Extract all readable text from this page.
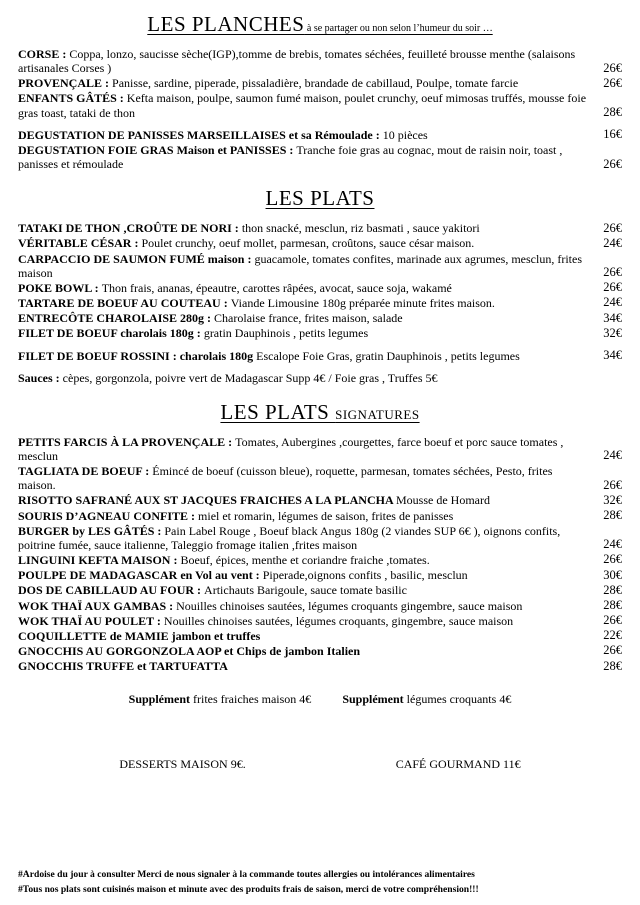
LES PLANCHES à se partager ou non selon l’humeur du soir …
CORSE : Coppa, lonzo, saucisse sèche(IGP),tomme de brebis, tomates séchées, feuilleté brousse menthe (salaisons artisanales Corses )	26€
PROVENÇALE : Panisse, sardine, piperade, pissaladière, brandade de cabillaud, Poulpe, tomate farcie	26€
ENFANTS GÂTÉS : Kefta maison, poulpe, saumon fumé maison, poulet crunchy, oeuf mimosas truffés, mousse foie gras toast, tataki de thon	28€
DEGUSTATION DE PANISSES MARSEILLAISES et sa Rémoulade : 10 pièces	16€
DEGUSTATION FOIE GRAS Maison et PANISSES : Tranche foie gras au cognac, mout de raisin noir, toast , panisses et rémoulade	26€
LES PLATS
TATAKI DE THON ,CROÛTE DE NORI : thon snacké, mesclun, riz basmati , sauce yakitori	26€
VÉRITABLE CÉSAR : Poulet crunchy, oeuf mollet, parmesan, croûtons, sauce césar maison.	24€
CARPACCIO DE SAUMON FUMÉ maison : guacamole, tomates confites, marinade aux agrumes, mesclun, frites maison	26€
POKE BOWL : Thon frais, ananas, épeautre, carottes râpées, avocat, sauce soja, wakamé	26€
TARTARE DE BOEUF AU COUTEAU : Viande Limousine 180g préparée minute frites maison.	24€
ENTRECÔTE CHAROLAISE 280g : Charolaise france, frites maison, salade	34€
FILET DE BOEUF charolais 180g : gratin Dauphinois , petits legumes	32€
FILET DE BOEUF ROSSINI : charolais 180g Escalope Foie Gras, gratin Dauphinois , petits legumes	34€
Sauces : cèpes, gorgonzola, poivre vert de Madagascar Supp 4€ / Foie gras , Truffes 5€
LES PLATS SIGNATURES
PETITS FARCIS À LA PROVENÇALE : Tomates, Aubergines ,courgettes, farce boeuf et porc sauce tomates , mesclun	24€
TAGLIATA DE BOEUF : Émincé de boeuf (cuisson bleue), roquette, parmesan, tomates séchées, Pesto, frites maison.	26€
RISOTTO SAFRANÉ AUX ST JACQUES FRAICHES A LA PLANCHA Mousse de Homard	32€
SOURIS D’AGNEAU CONFITE : miel et romarin, légumes de saison, frites de panisses	28€
BURGER by LES GÂTÉS : Pain Label Rouge , Boeuf black Angus 180g (2 viandes SUP 6€ ), oignons confits, poitrine fumée, sauce italienne, Taleggio fromage italien ,frites maison	24€
LINGUINI KEFTA MAISON : Boeuf, épices, menthe et coriandre fraiche ,tomates.	26€
POULPE DE MADAGASCAR en Vol au vent : Piperade,oignons confits , basilic, mesclun	30€
DOS DE CABILLAUD AU FOUR : Artichauts Barigoule, sauce tomate basilic	28€
WOK THAÏ AUX GAMBAS : Nouilles chinoises sautées, légumes croquants gingembre, sauce maison	28€
WOK THAÏ AU POULET : Nouilles chinoises sautées, légumes croquants, gingembre, sauce maison	26€
COQUILLETTE de MAMIE jambon et truffes	22€
GNOCCHIS AU GORGONZOLA AOP et Chips de jambon Italien	26€
GNOCCHIS TRUFFE et TARTUFATTA	28€
Supplément frites fraiches maison 4€ Supplément légumes croquants 4€
DESSERTS MAISON 9€.	CAFÉ GOURMAND 11€
#Ardoise du jour à consulter Merci de nous signaler à la commande toutes allergies ou intolérances alimentaires
#Tous nos plats sont cuisinés maison et minute avec des produits frais de saison, merci de votre compréhension!!!
